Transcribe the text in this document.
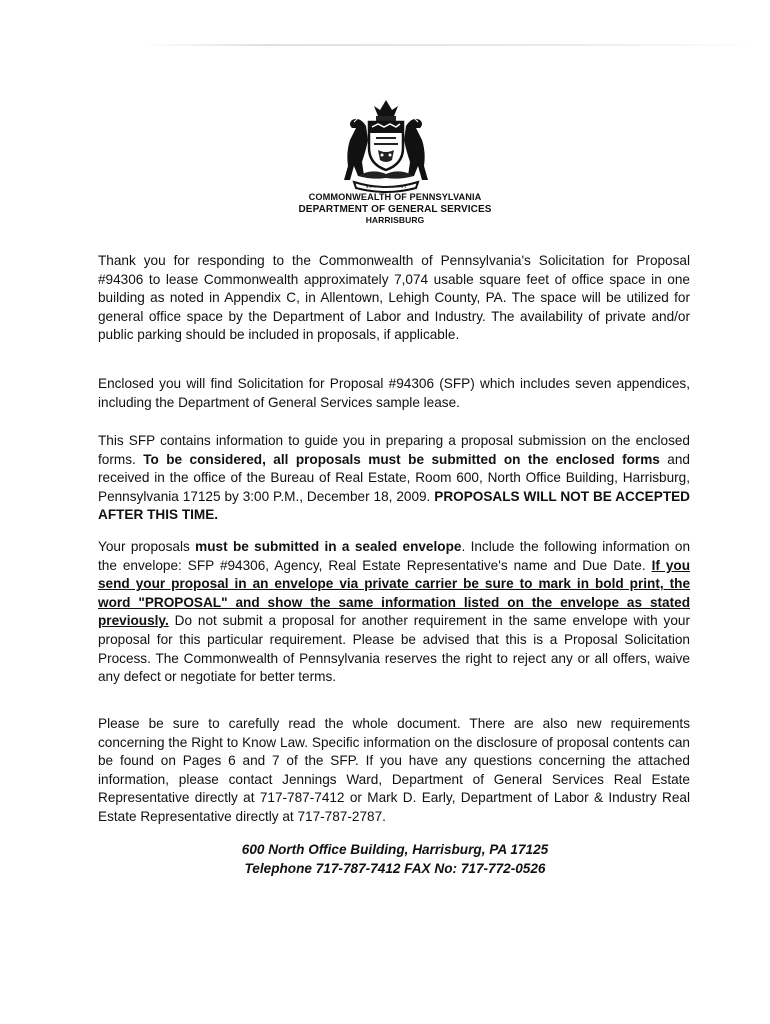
COMMONWEALTH OF PENNSYLVANIA
DEPARTMENT OF GENERAL SERVICES
HARRISBURG
Thank you for responding to the Commonwealth of Pennsylvania's Solicitation for Proposal #94306 to lease Commonwealth approximately 7,074 usable square feet of office space in one building as noted in Appendix C, in Allentown, Lehigh County, PA. The space will be utilized for general office space by the Department of Labor and Industry. The availability of private and/or public parking should be included in proposals, if applicable.
Enclosed you will find Solicitation for Proposal #94306 (SFP) which includes seven appendices, including the Department of General Services sample lease.
This SFP contains information to guide you in preparing a proposal submission on the enclosed forms. To be considered, all proposals must be submitted on the enclosed forms and received in the office of the Bureau of Real Estate, Room 600, North Office Building, Harrisburg, Pennsylvania 17125 by 3:00 P.M., December 18, 2009. PROPOSALS WILL NOT BE ACCEPTED AFTER THIS TIME.
Your proposals must be submitted in a sealed envelope. Include the following information on the envelope: SFP #94306, Agency, Real Estate Representative's name and Due Date. If you send your proposal in an envelope via private carrier be sure to mark in bold print, the word "PROPOSAL" and show the same information listed on the envelope as stated previously. Do not submit a proposal for another requirement in the same envelope with your proposal for this particular requirement. Please be advised that this is a Proposal Solicitation Process. The Commonwealth of Pennsylvania reserves the right to reject any or all offers, waive any defect or negotiate for better terms.
Please be sure to carefully read the whole document. There are also new requirements concerning the Right to Know Law. Specific information on the disclosure of proposal contents can be found on Pages 6 and 7 of the SFP. If you have any questions concerning the attached information, please contact Jennings Ward, Department of General Services Real Estate Representative directly at 717-787-7412 or Mark D. Early, Department of Labor & Industry Real Estate Representative directly at 717-787-2787.
600 North Office Building, Harrisburg, PA 17125
Telephone 717-787-7412 FAX No: 717-772-0526
